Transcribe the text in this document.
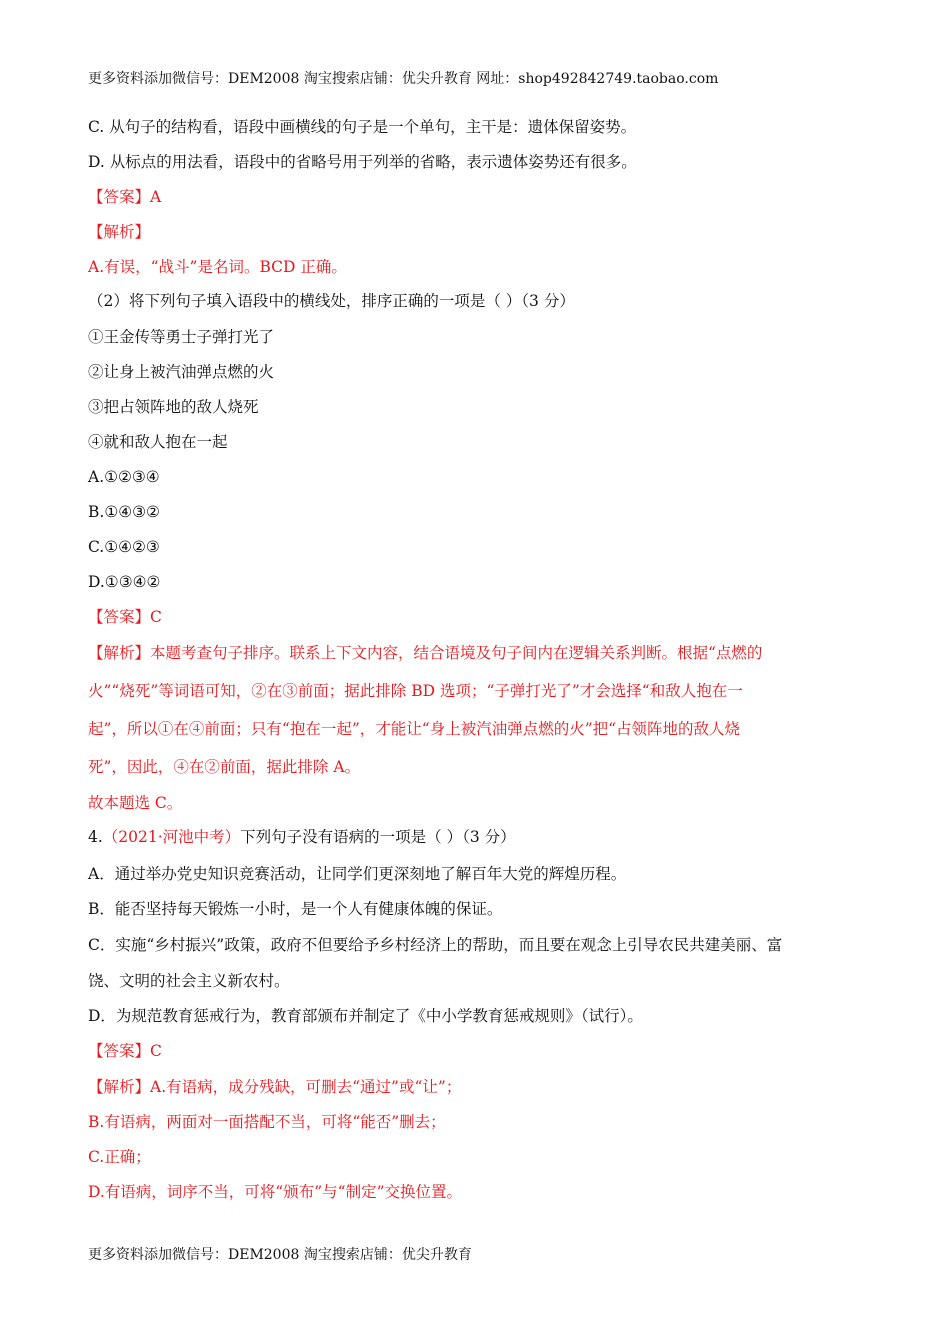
更多资料添加微信号：DEM2008 淘宝搜索店铺：优尖升教育 网址：shop492842749.taobao.com
C. 从句子的结构看，语段中画横线的句子是一个单句，主干是：遗体保留姿势。
D. 从标点的用法看，语段中的省略号用于列举的省略，表示遗体姿势还有很多。
【答案】A
【解析】
A.有误，“战斗”是名词。BCD 正确。
（2）将下列句子填入语段中的横线处，排序正确的一项是（ ）（3 分）
①王金传等勇士子弹打光了
②让身上被汽油弹点燃的火
③把占领阵地的敌人烧死
④就和敌人抱在一起
A.①②③④
B.①④③②
C.①④②③
D.①③④②
【答案】C
【解析】本题考查句子排序。联系上下文内容，结合语境及句子间内在逻辑关系判断。根据“点燃的
火”“烧死”等词语可知，②在③前面；据此排除 BD 选项；“子弹打光了”才会选择“和敌人抱在一
起”，所以①在④前面；只有“抱在一起”，才能让“身上被汽油弹点燃的火”把“占领阵地的敌人烧
死”，因此，④在②前面，据此排除 A。
故本题选 C。
4.（2021·河池中考）下列句子没有语病的一项是（ ）（3 分）
A．通过举办党史知识竞赛活动，让同学们更深刻地了解百年大党的辉煌历程。
B．能否坚持每天锻炼一小时，是一个人有健康体魄的保证。
C．实施“乡村振兴”政策，政府不但要给予乡村经济上的帮助，而且要在观念上引导农民共建美丽、富
饶、文明的社会主义新农村。
D．为规范教育惩戒行为，教育部颁布并制定了《中小学教育惩戒规则》（试行）。
【答案】C
【解析】A.有语病，成分残缺，可删去“通过”或“让”；
B.有语病，两面对一面搭配不当，可将“能否”删去；
C.正确；
D.有语病，词序不当，可将“颁布”与“制定”交换位置。
更多资料添加微信号：DEM2008 淘宝搜索店铺：优尖升教育
